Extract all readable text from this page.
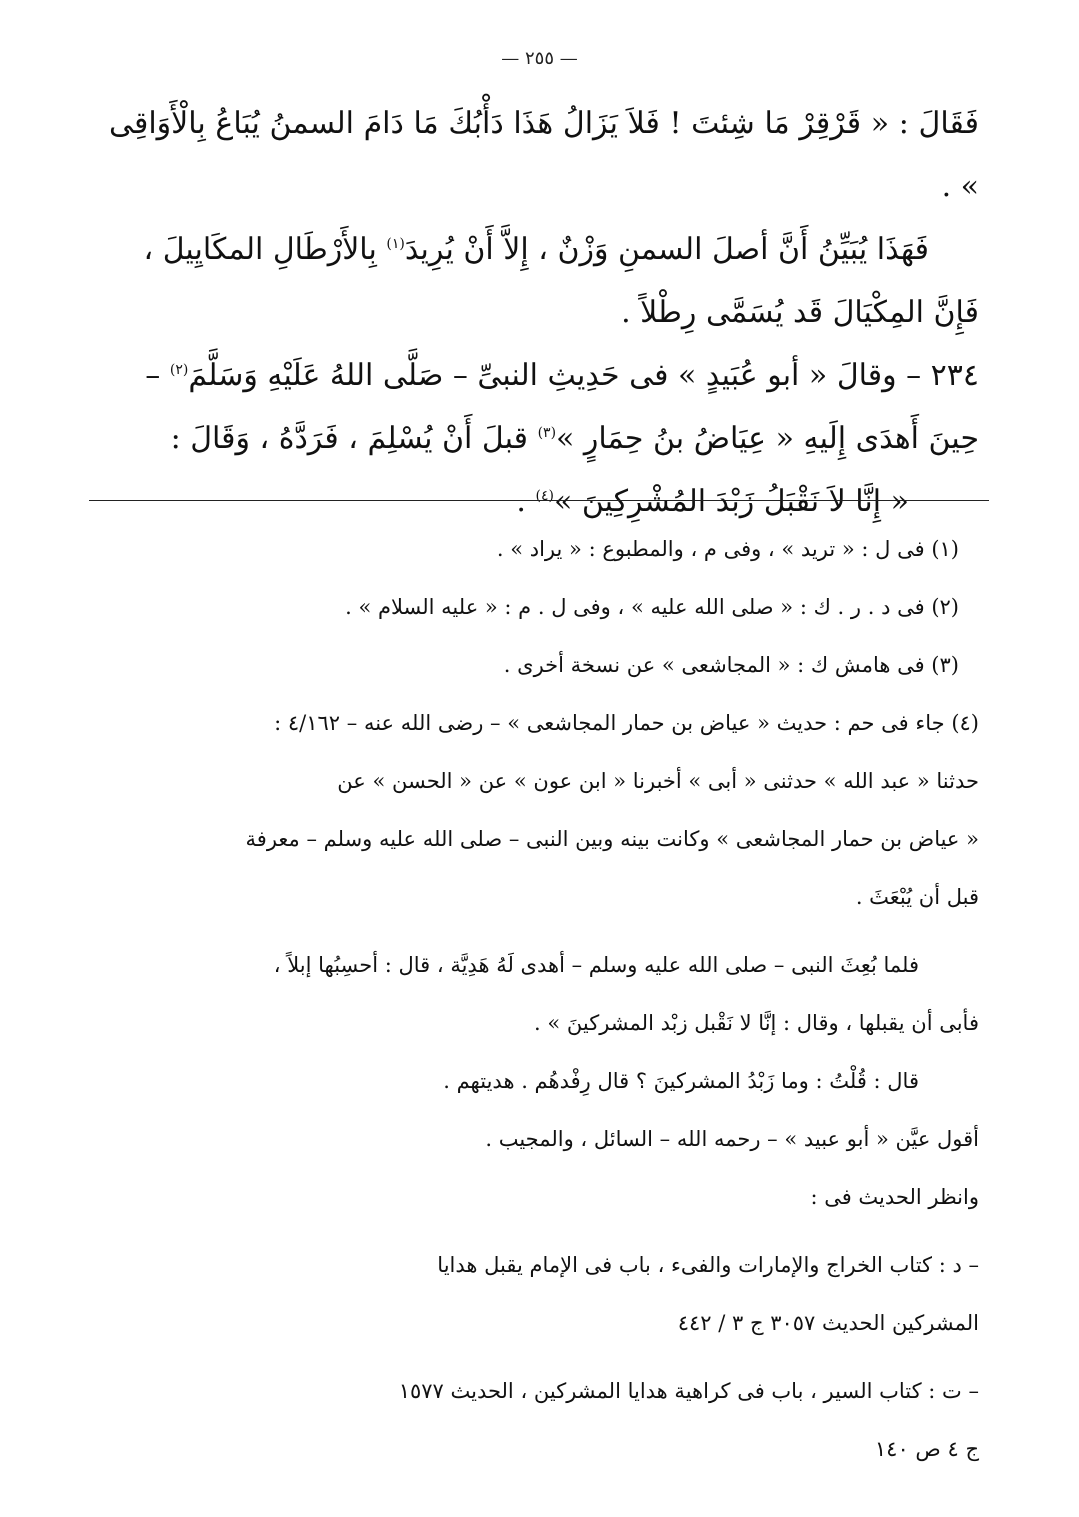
— ٢٥٥ —

فَقَالَ : « قَرْقِرْ مَا شِئتَ ! فَلاَ يَزَالُ هَذَا دَأْبُكَ مَا دَامَ السمنُ يُبَاعُ بِالْأَوَاقِى » .

فَهَذَا يُبَيِّنُ أَنَّ أصلَ السمنِ وَزْنٌ ، إِلاَّ أَنْ يُرِيدَ$^{(١)}$ بِالأَرْطَالِ المكَايِيلَ ،

فَإِنَّ المِكْيَالَ قَد يُسَمَّى رِطْلاً .

٢٣٤ – وقالَ « أبو عُبَيدٍ » فى حَدِيثِ النبىِّ – صَلَّى اللهُ عَلَيْهِ وَسَلَّمَ$^{(٢)}$ –

حِينَ أَهدَى إِلَيهِ « عِيَاضُ بنُ حِمَارٍ »$^{(٣)}$ قبلَ أَنْ يُسْلِمَ ، فَرَدَّهُ ، وَقَالَ :

« إِنَّا لاَ نَقْبَلُ زَبْدَ المُشْرِكِينَ »$^{(٤)}$ .

(١) فى ل : « تريد » ، وفى م ، والمطبوع : « يراد » .

(٢) فى د . ر . ك : « صلى الله عليه » ، وفى ل . م : « عليه السلام » .

(٣) فى هامش ك : « المجاشعى » عن نسخة أخرى .

(٤) جاء فى حم : حديث « عياض بن حمار المجاشعى » – رضى الله عنه – ٤/١٦٢ :

حدثنا « عبد الله » حدثنى « أبى » أخبرنا « ابن عون » عن « الحسن » عن

« عياض بن حمار المجاشعى » وكانت بينه وبين النبى – صلى الله عليه وسلم – معرفة

قبل أن يُبْعَثَ .

فلما بُعِثَ النبى – صلى الله عليه وسلم – أهدى لَهُ هَدِيَّة ، قال : أحسِبُها إبلاً ،

فأبى أن يقبلها ، وقال : إنَّا لا نَقْبل زبْد المشركينَ » .

قال : قُلْتُ : وما زَبْدُ المشركينَ ؟ قال رِفْدهُم . هديتهم .

أقول عيَّن « أبو عبيد » – رحمه الله – السائل ، والمجيب .

وانظر الحديث فى :

– د : كتاب الخراج والإمارات والفىء ، باب فى الإمام يقبل هدايا

المشركين الحديث ٣٠٥٧ ج ٣ / ٤٤٢

– ت : كتاب السير ، باب فى كراهية هدايا المشركين ، الحديث ١٥٧٧

ج ٤ ص ١٤٠
